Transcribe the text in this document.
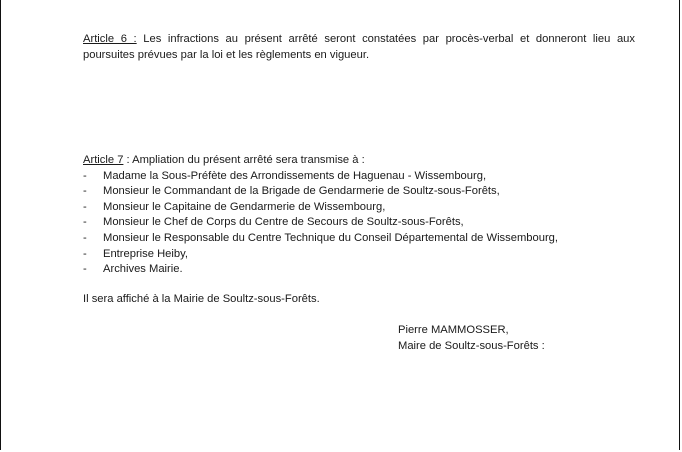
Article 6 : Les infractions au présent arrêté seront constatées par procès-verbal et donneront lieu aux poursuites prévues par la loi et les règlements en vigueur.
Article 7 : Ampliation du présent arrêté sera transmise à :
-	Madame la Sous-Préfète des Arrondissements de Haguenau - Wissembourg,
-	Monsieur le Commandant de la Brigade de Gendarmerie de Soultz-sous-Forêts,
-	Monsieur le Capitaine de Gendarmerie de Wissembourg,
-	Monsieur le Chef de Corps du Centre de Secours de Soultz-sous-Forêts,
-	Monsieur le Responsable du Centre Technique du Conseil Départemental de Wissembourg,
-	Entreprise Heiby,
-	Archives Mairie.
Il sera affiché à la Mairie de Soultz-sous-Forêts.
Pierre MAMMOSSER,
Maire de Soultz-sous-Forêts :
